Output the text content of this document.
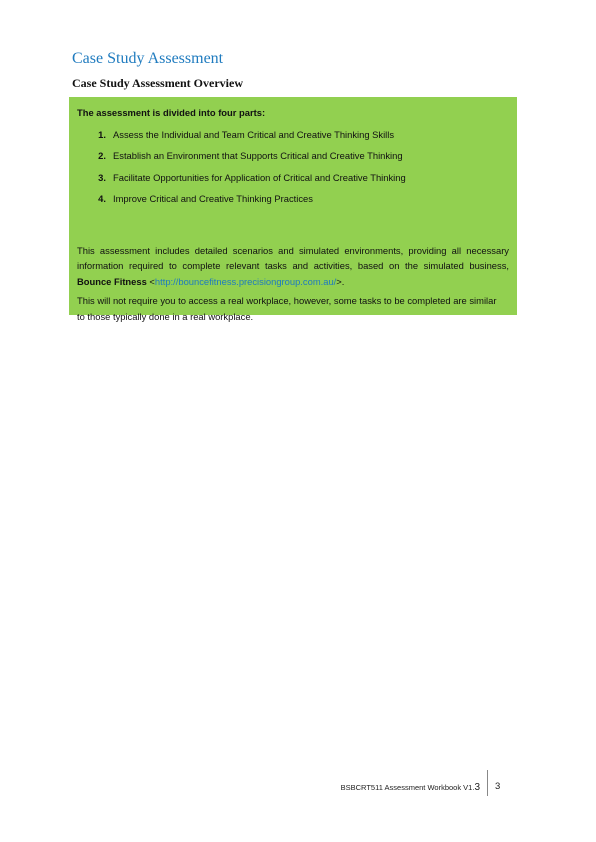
Case Study Assessment
Case Study Assessment Overview
The assessment is divided into four parts:
1. Assess the Individual and Team Critical and Creative Thinking Skills
2. Establish an Environment that Supports Critical and Creative Thinking
3. Facilitate Opportunities for Application of Critical and Creative Thinking
4. Improve Critical and Creative Thinking Practices
This assessment includes detailed scenarios and simulated environments, providing all necessary information required to complete relevant tasks and activities, based on the simulated business, Bounce Fitness <http://bouncefitness.precisiongroup.com.au/>.
This will not require you to access a real workplace, however, some tasks to be completed are similar to those typically done in a real workplace.
BSBCRT511 Assessment Workbook V1.3 3
